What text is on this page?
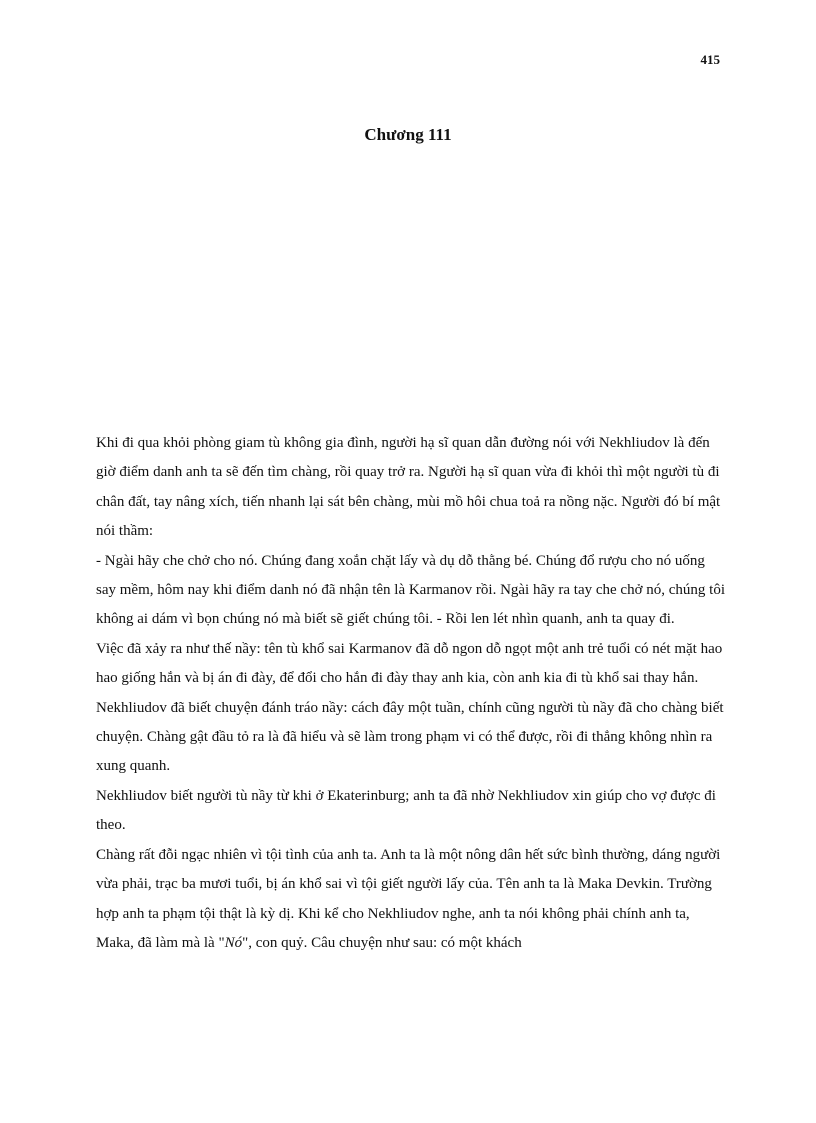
415
Chương 111

Khi đi qua khỏi phòng giam tù không gia đình, người hạ sĩ quan dẫn đường nói với Nekhliudov là đến giờ điểm danh anh ta sẽ đến tìm chàng, rồi quay trở ra. Người hạ sĩ quan vừa đi khỏi thì một người tù đi chân đất, tay nâng xích, tiến nhanh lại sát bên chàng, mùi mồ hôi chua toả ra nồng nặc. Người đó bí mật nói thầm:

- Ngài hãy che chở cho nó. Chúng đang xoắn chặt lấy và dụ dỗ thằng bé. Chúng đổ rượu cho nó uống say mềm, hôm nay khi điểm danh nó đã nhận tên là Karmanov rồi. Ngài hãy ra tay che chở nó, chúng tôi không ai dám vì bọn chúng nó mà biết sẽ giết chúng tôi. - Rồi len lét nhìn quanh, anh ta quay đi.

Việc đã xảy ra như thế nầy: tên tù khổ sai Karmanov đã dỗ ngon dỗ ngọt một anh trẻ tuổi có nét mặt hao hao giống hắn và bị án đi đày, để đổi cho hắn đi đày thay anh kia, còn anh kia đi tù khổ sai thay hắn.

Nekhliudov đã biết chuyện đánh tráo nầy: cách đây một tuần, chính cũng người tù nầy đã cho chàng biết chuyện. Chàng gật đầu tỏ ra là đã hiểu và sẽ làm trong phạm vi có thể được, rồi đi thẳng không nhìn ra xung quanh.

Nekhliudov biết người tù nầy từ khi ở Ekaterinburg; anh ta đã nhờ Nekhliudov xin giúp cho vợ được đi theo.

Chàng rất đỗi ngạc nhiên vì tội tình của anh ta. Anh ta là một nông dân hết sức bình thường, dáng người vừa phải, trạc ba mươi tuổi, bị án khổ sai vì tội giết người lấy của. Tên anh ta là Maka Devkin. Trường hợp anh ta phạm tội thật là kỳ dị. Khi kể cho Nekhliudov nghe, anh ta nói không phải chính anh ta, Maka, đã làm mà là "Nó", con quỷ. Câu chuyện như sau: có một khách
